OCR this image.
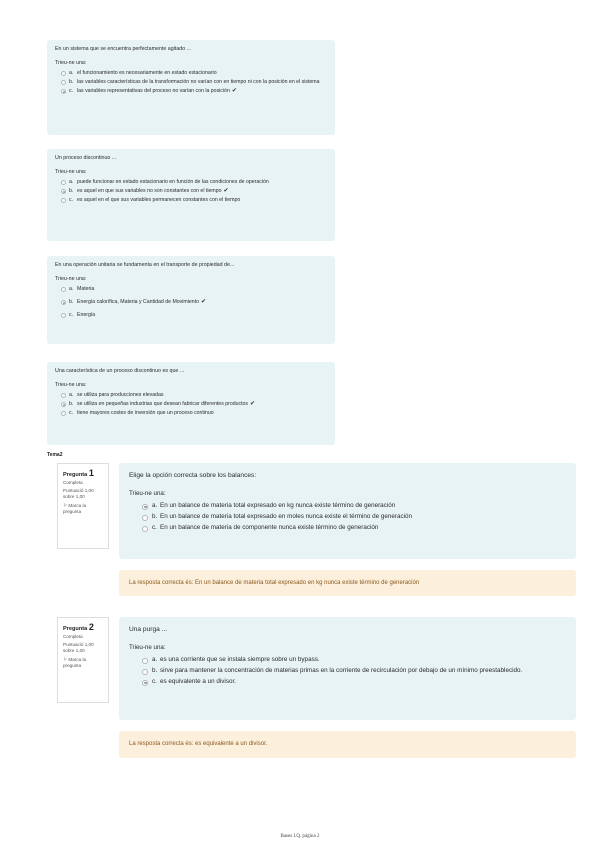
En un sistema que se encuentra perfectamente agitado ...
Trieu-ne una:
a. el funcionamiento es necesariamente en estado estacionario
b. las variables características de la transformación no varían con en tiempo ni con la posición en el sistema
c. las variables representativas del proceso no varían con la posición ✔
Un proceso discontinuo ...
Trieu-ne una:
a. puede funcionar en estado estacionario en función de las condiciones de operación
b. es aquel en que sus variables no son constantes con el tiempo ✔
c. es aquel en el que sus variables permanecen constantes con el tiempo
En una operación unitaria se fundamenta en el transporte de propiedad de...
Trieu-ne una:
a. Materia
b. Energía calorífica, Materia y Cantidad de Movimiento ✔
c. Energía
Una característica de un proceso discontinuo es que ...
Trieu-ne una:
a. se utiliza para producciones elevadas
b. se utiliza en pequeñas industrias que desean fabricar diferentes productos ✔
c. tiene mayores costes de inversión que un proceso continuo
Tema2
Pregunta 1
Completa
Puntuació 1,00 sobre 1,00
⚐ Marca la pregunta
Elige la opción correcta sobre los balances:
Trieu-ne una:
a. En un balance de materia total expresado en kg nunca existe término de generación
b. En un balance de materia total expresado en moles nunca existe el término de generación
c. En un balance de materia de componente nunca existe término de generación
La resposta correcta és: En un balance de materia total expresado en kg nunca existe término de generación
Pregunta 2
Completa
Puntuació 1,00 sobre 1,00
⚐ Marca la pregunta
Una purga ...
Trieu-ne una:
a. es una corriente que se instala siempre sobre un bypass.
b. sirve para mantener la concentración de materias primas en la corriente de recirculación por debajo de un mínimo preestablecido.
c. es equivalente a un divisor.
La resposta correcta és: es equivalente a un divisor.
Bases I.Q. página 2
